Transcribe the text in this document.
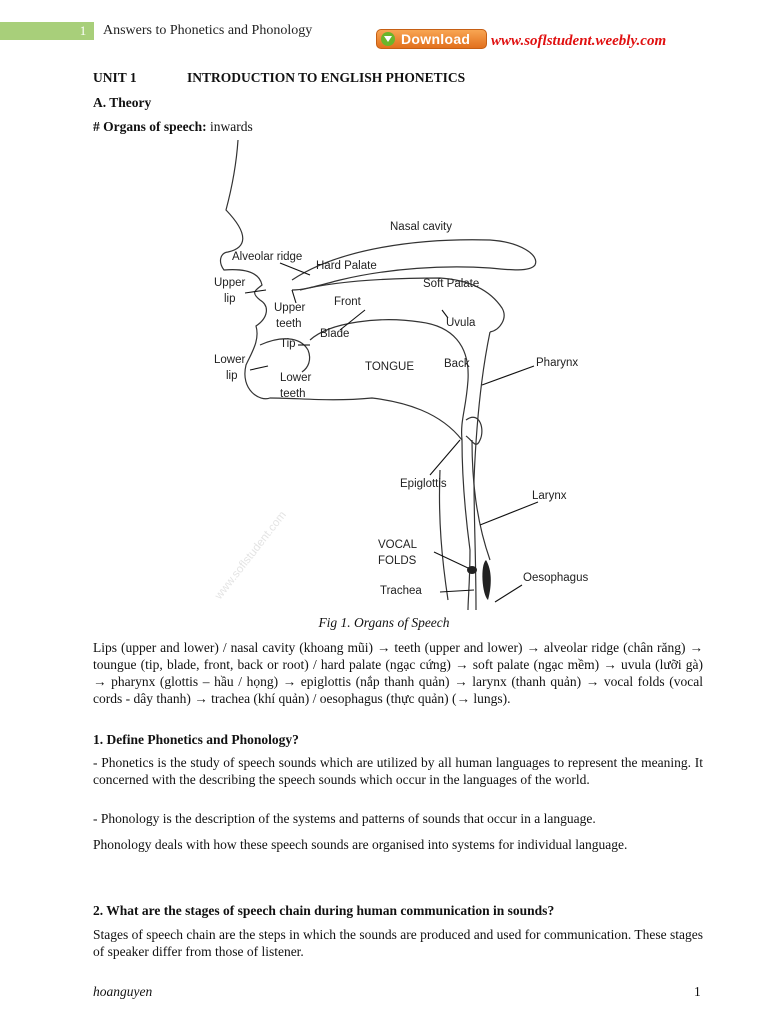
1 Answers to Phonetics and Phonology
Download www.soflstudent.weebly.com
UNIT 1	INTRODUCTION TO ENGLISH PHONETICS
A. Theory
# Organs of speech: inwards
www.soflstudent.com
Nasal cavity
Alveolar ridge
Hard Palate
Soft Palate
Upper
lip
Upper
teeth
Front
Blade
Uvula
Tip
TONGUE	Back	Pharynx
Lower
lip	Lower
teeth
Epiglottis
Larynx
VOCAL
FOLDS
Trachea
Oesophagus
Fig 1. Organs of Speech
Lips (upper and lower) / nasal cavity (khoang mũi) → teeth (upper and lower) → alveolar ridge (chân răng) → toungue (tip, blade, front, back or root) / hard palate (ngạc cứng) → soft palate (ngạc mềm) → uvula (lưỡi gà) → pharynx (glottis – hầu / họng) → epiglottis (nắp thanh quản) → larynx (thanh quản) → vocal folds (vocal cords - dây thanh) → trachea (khí quản) / oesophagus (thực quản) (→ lungs).
1. Define Phonetics and Phonology?
- Phonetics is the study of speech sounds which are utilized by all human languages to represent the meaning. It concerned with the describing the speech sounds which occur in the languages of the world.
- Phonology is the description of the systems and patterns of sounds that occur in a language.
Phonology deals with how these speech sounds are organised into systems for individual language.
2. What are the stages of speech chain during human communication in sounds?
Stages of speech chain are the steps in which the sounds are produced and used for communication. These stages of speaker differ from those of listener.
hoanguyen	1
